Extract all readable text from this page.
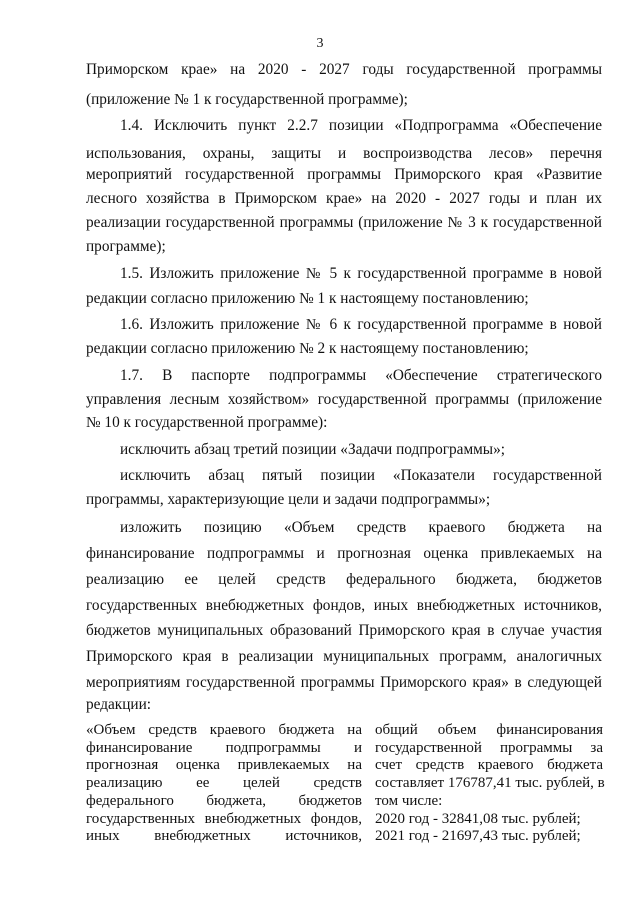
3
Приморском крае» на 2020 - 2027 годы государственной программы
(приложение № 1 к государственной программе);
1.4. Исключить пункт 2.2.7 позиции «Подпрограмма «Обеспечение
использования, охраны, защиты и воспроизводства лесов» перечня
мероприятий государственной программы Приморского края «Развитие
лесного хозяйства в Приморском крае» на 2020 - 2027 годы и план их
реализации государственной программы (приложение № 3 к государственной
программе);
1.5. Изложить приложение № 5 к государственной программе в новой
редакции согласно приложению № 1 к настоящему постановлению;
1.6. Изложить приложение № 6 к государственной программе в новой
редакции согласно приложению № 2 к настоящему постановлению;
1.7. В паспорте подпрограммы «Обеспечение стратегического
управления лесным хозяйством» государственной программы (приложение
№ 10 к государственной программе):
исключить абзац третий позиции «Задачи подпрограммы»;
исключить абзац пятый позиции «Показатели государственной
программы, характеризующие цели и задачи подпрограммы»;
изложить позицию «Объем средств краевого бюджета на
финансирование подпрограммы и прогнозная оценка привлекаемых на
реализацию ее целей средств федерального бюджета, бюджетов
государственных внебюджетных фондов, иных внебюджетных источников,
бюджетов муниципальных образований Приморского края в случае участия
Приморского края в реализации муниципальных программ, аналогичных
мероприятиям государственной программы Приморского края» в следующей
редакции:
«Объем средств краевого бюджета на
финансирование подпрограммы и
прогнозная оценка привлекаемых на
реализацию ее целей средств
федерального бюджета, бюджетов
государственных внебюджетных фондов,
иных внебюджетных источников,
общий объем финансирования
государственной программы за
счет средств краевого бюджета
составляет 176787,41 тыс. рублей, в
том числе:
2020 год - 32841,08 тыс. рублей;
2021 год - 21697,43 тыс. рублей;
